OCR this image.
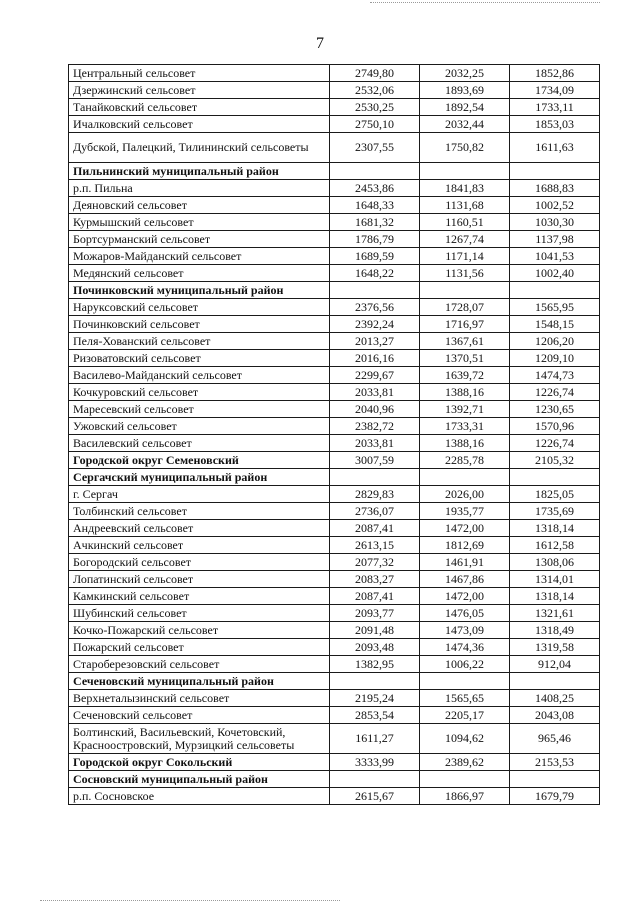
7
Центральный сельсовет	2749,80	2032,25	1852,86
Дзержинский сельсовет	2532,06	1893,69	1734,09
Танайковский сельсовет	2530,25	1892,54	1733,11
Ичалковский сельсовет	2750,10	2032,44	1853,03
Дубской, Палецкий, Тилининский сельсоветы	2307,55	1750,82	1611,63
Пильнинский муниципальный район			
р.п. Пильна	2453,86	1841,83	1688,83
Деяновский сельсовет	1648,33	1131,68	1002,52
Курмышский сельсовет	1681,32	1160,51	1030,30
Бортсурманский сельсовет	1786,79	1267,74	1137,98
Можаров-Майданский сельсовет	1689,59	1171,14	1041,53
Медянский сельсовет	1648,22	1131,56	1002,40
Починковский муниципальный район			
Наруксовский сельсовет	2376,56	1728,07	1565,95
Починковский сельсовет	2392,24	1716,97	1548,15
Пеля-Хованский сельсовет	2013,27	1367,61	1206,20
Ризоватовский сельсовет	2016,16	1370,51	1209,10
Василево-Майданский сельсовет	2299,67	1639,72	1474,73
Кочкуровский сельсовет	2033,81	1388,16	1226,74
Маресевский сельсовет	2040,96	1392,71	1230,65
Ужовский сельсовет	2382,72	1733,31	1570,96
Василевский сельсовет	2033,81	1388,16	1226,74
Городской округ Семеновский	3007,59	2285,78	2105,32
Сергачский муниципальный район			
г. Сергач	2829,83	2026,00	1825,05
Толбинский сельсовет	2736,07	1935,77	1735,69
Андреевский сельсовет	2087,41	1472,00	1318,14
Ачкинский сельсовет	2613,15	1812,69	1612,58
Богородский сельсовет	2077,32	1461,91	1308,06
Лопатинский сельсовет	2083,27	1467,86	1314,01
Камкинский сельсовет	2087,41	1472,00	1318,14
Шубинский сельсовет	2093,77	1476,05	1321,61
Кочко-Пожарский сельсовет	2091,48	1473,09	1318,49
Пожарский сельсовет	2093,48	1474,36	1319,58
Староберезовский сельсовет	1382,95	1006,22	912,04
Сеченовский муниципальный район			
Верхнеталызинский сельсовет	2195,24	1565,65	1408,25
Сеченовский сельсовет	2853,54	2205,17	2043,08
Болтинский, Васильевский, Кочетовский, Красноостровский, Мурзицкий сельсоветы	1611,27	1094,62	965,46
Городской округ Сокольский	3333,99	2389,62	2153,53
Сосновский муниципальный район			
р.п. Сосновское	2615,67	1866,97	1679,79
